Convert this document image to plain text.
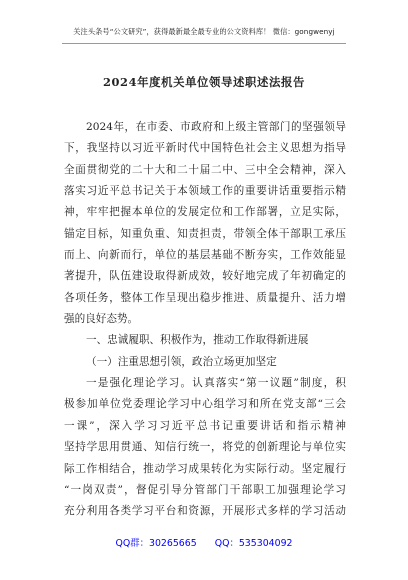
关注头条号“公文研究”，获得最新最全最专业的公文资料库！ 微信：gongwenyj
2024年度机关单位领导述职述法报告
2024年，在市委、市政府和上级主管部门的坚强领导
下，我坚持以习近平新时代中国特色社会主义思想为指导
全面贯彻党的二十大和二十届二中、三中全会精神，深入
落实习近平总书记关于本领域工作的重要讲话重要指示精
神，牢牢把握本单位的发展定位和工作部署，立足实际，
锚定目标，知重负重、知责担责，带领全体干部职工承压
而上、向新而行，单位的基层基础不断夯实，工作效能显
著提升，队伍建设取得新成效，较好地完成了年初确定的
各项任务，整体工作呈现出稳步推进、质量提升、活力增
强的良好态势。
一、忠诚履职、积极作为，推动工作取得新进展
（一）注重思想引领，政治立场更加坚定
一是强化理论学习。认真落实“第一议题”制度，积
极参加单位党委理论学习中心组学习和所在党支部“三会
一课”，深入学习习近平总书记重要讲话和指示精神
坚持学思用贯通、知信行统一，将党的创新理论与单位实
际工作相结合，推动学习成果转化为实际行动。坚定履行
“一岗双责”，督促引导分管部门干部职工加强理论学习
充分利用各类学习平台和资源，开展形式多样的学习活动
QQ群：30265665 QQ：535304092
